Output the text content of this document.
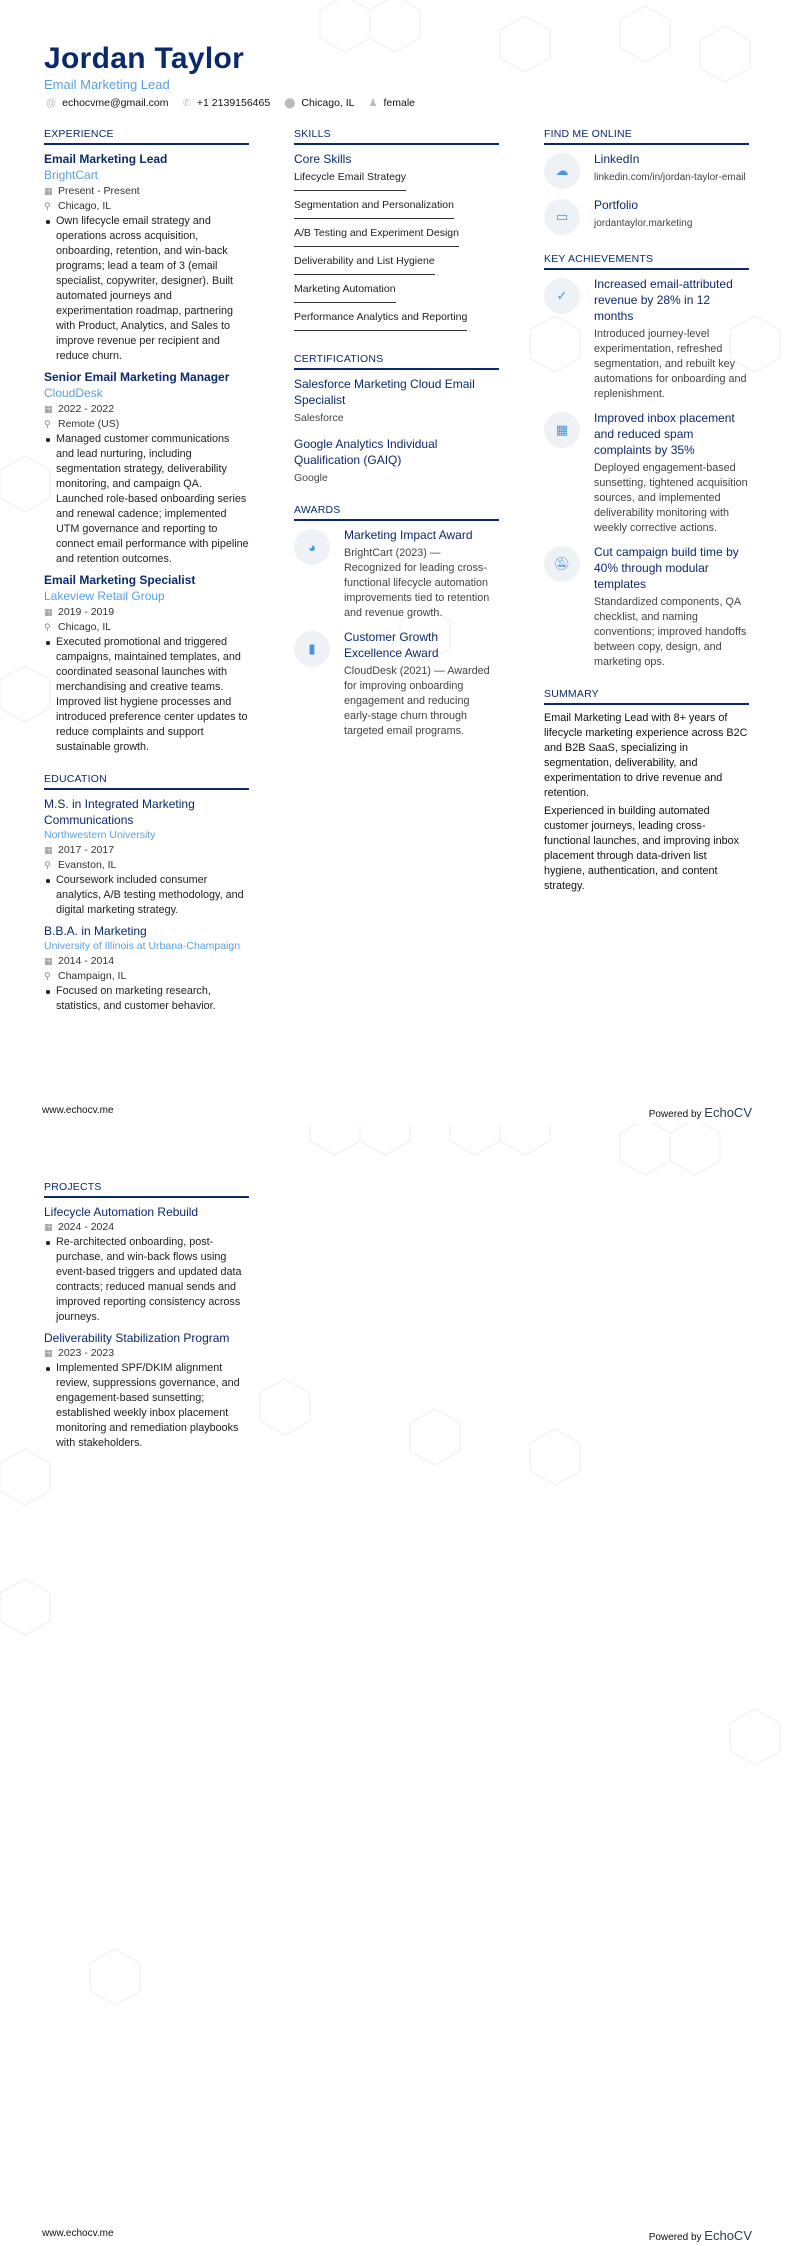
Jordan Taylor
Email Marketing Lead
@ echocvme@gmail.com ✆ +1 2139156465 ⬤ Chicago, IL ♟ female
EXPERIENCE
Email Marketing Lead
BrightCart
▦ Present - Present
⚲ Chicago, IL
Own lifecycle email strategy and operations across acquisition, onboarding, retention, and win-back programs; lead a team of 3 (email specialist, copywriter, designer). Built automated journeys and experimentation roadmap, partnering with Product, Analytics, and Sales to improve revenue per recipient and reduce churn.
Senior Email Marketing Manager
CloudDesk
▦ 2022 - 2022
⚲ Remote (US)
Managed customer communications and lead nurturing, including segmentation strategy, deliverability monitoring, and campaign QA. Launched role-based onboarding series and renewal cadence; implemented UTM governance and reporting to connect email performance with pipeline and retention outcomes.
Email Marketing Specialist
Lakeview Retail Group
▦ 2019 - 2019
⚲ Chicago, IL
Executed promotional and triggered campaigns, maintained templates, and coordinated seasonal launches with merchandising and creative teams. Improved list hygiene processes and introduced preference center updates to reduce complaints and support sustainable growth.
EDUCATION
M.S. in Integrated Marketing Communications
Northwestern University
▦ 2017 - 2017
⚲ Evanston, IL
Coursework included consumer analytics, A/B testing methodology, and digital marketing strategy.
B.B.A. in Marketing
University of Illinois at Urbana-Champaign
▦ 2014 - 2014
⚲ Champaign, IL
Focused on marketing research, statistics, and customer behavior.
SKILLS
Core Skills
Lifecycle Email Strategy
Segmentation and Personalization
A/B Testing and Experiment Design
Deliverability and List Hygiene
Marketing Automation
Performance Analytics and Reporting
CERTIFICATIONS
Salesforce Marketing Cloud Email Specialist
Salesforce
Google Analytics Individual Qualification (GAIQ)
Google
AWARDS
◕
Marketing Impact Award
BrightCart (2023) — Recognized for leading cross-functional lifecycle automation improvements tied to retention and revenue growth.
▮
Customer Growth Excellence Award
CloudDesk (2021) — Awarded for improving onboarding engagement and reducing early-stage churn through targeted email programs.
FIND ME ONLINE
☁
LinkedIn
linkedin.com/in/jordan-taylor-email
▭
Portfolio
jordantaylor.marketing
KEY ACHIEVEMENTS
✓
Increased email-attributed revenue by 28% in 12 months
Introduced journey-level experimentation, refreshed segmentation, and rebuilt key automations for onboarding and replenishment.
▦
Improved inbox placement and reduced spam complaints by 35%
Deployed engagement-based sunsetting, tightened acquisition sources, and implemented deliverability monitoring with weekly corrective actions.
🔕︎
Cut campaign build time by 40% through modular templates
Standardized components, QA checklist, and naming conventions; improved handoffs between copy, design, and marketing ops.
SUMMARY

Email Marketing Lead with 8+ years of lifecycle marketing experience across B2C and B2B SaaS, specializing in segmentation, deliverability, and experimentation to drive revenue and retention.

Experienced in building automated customer journeys, leading cross-functional launches, and improving inbox placement through data-driven list hygiene, authentication, and content strategy.

www.echocv.me	Powered by EchoCV
PROJECTS
Lifecycle Automation Rebuild
▦ 2024 - 2024
Re-architected onboarding, post-purchase, and win-back flows using event-based triggers and updated data contracts; reduced manual sends and improved reporting consistency across journeys.
Deliverability Stabilization Program
▦ 2023 - 2023
Implemented SPF/DKIM alignment review, suppressions governance, and engagement-based sunsetting; established weekly inbox placement monitoring and remediation playbooks with stakeholders.
www.echocv.me	Powered by EchoCV
